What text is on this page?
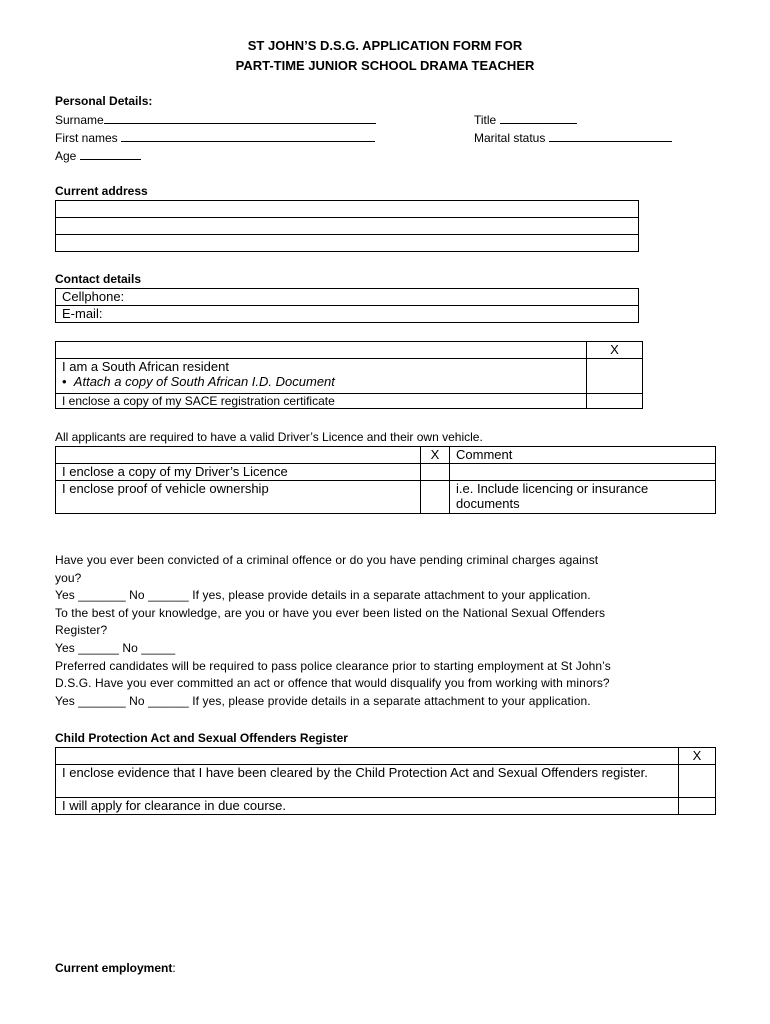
ST JOHN’S D.S.G. APPLICATION FORM FOR
PART-TIME JUNIOR SCHOOL DRAMA TEACHER
Personal Details:
Surname
First names
Age
Title
Marital status
Current address

Contact details
Cellphone:
E-mail:
	X

I am a South African resident
• Attach a copy of South African I.D. Document	

I enclose a copy of my SACE registration certificate	
All applicants are required to have a valid Driver’s Licence and their own vehicle.
	X	Comment
I enclose a copy of my Driver’s Licence		
I enclose proof of vehicle ownership		i.e. Include licencing or insurance documents
Have you ever been convicted of a criminal offence or do you have pending criminal charges against
you?
Yes _______ No ______ If yes, please provide details in a separate attachment to your application.
To the best of your knowledge, are you or have you ever been listed on the National Sexual Offenders
Register?
Yes ______ No _____
Preferred candidates will be required to pass police clearance prior to starting employment at St John’s
D.S.G. Have you ever committed an act or offence that would disqualify you from working with minors?
Yes _______ No ______ If yes, please provide details in a separate attachment to your application.
Child Protection Act and Sexual Offenders Register
	X
I enclose evidence that I have been cleared by the Child Protection Act and Sexual Offenders register.	
I will apply for clearance in due course.	
Current employment:
